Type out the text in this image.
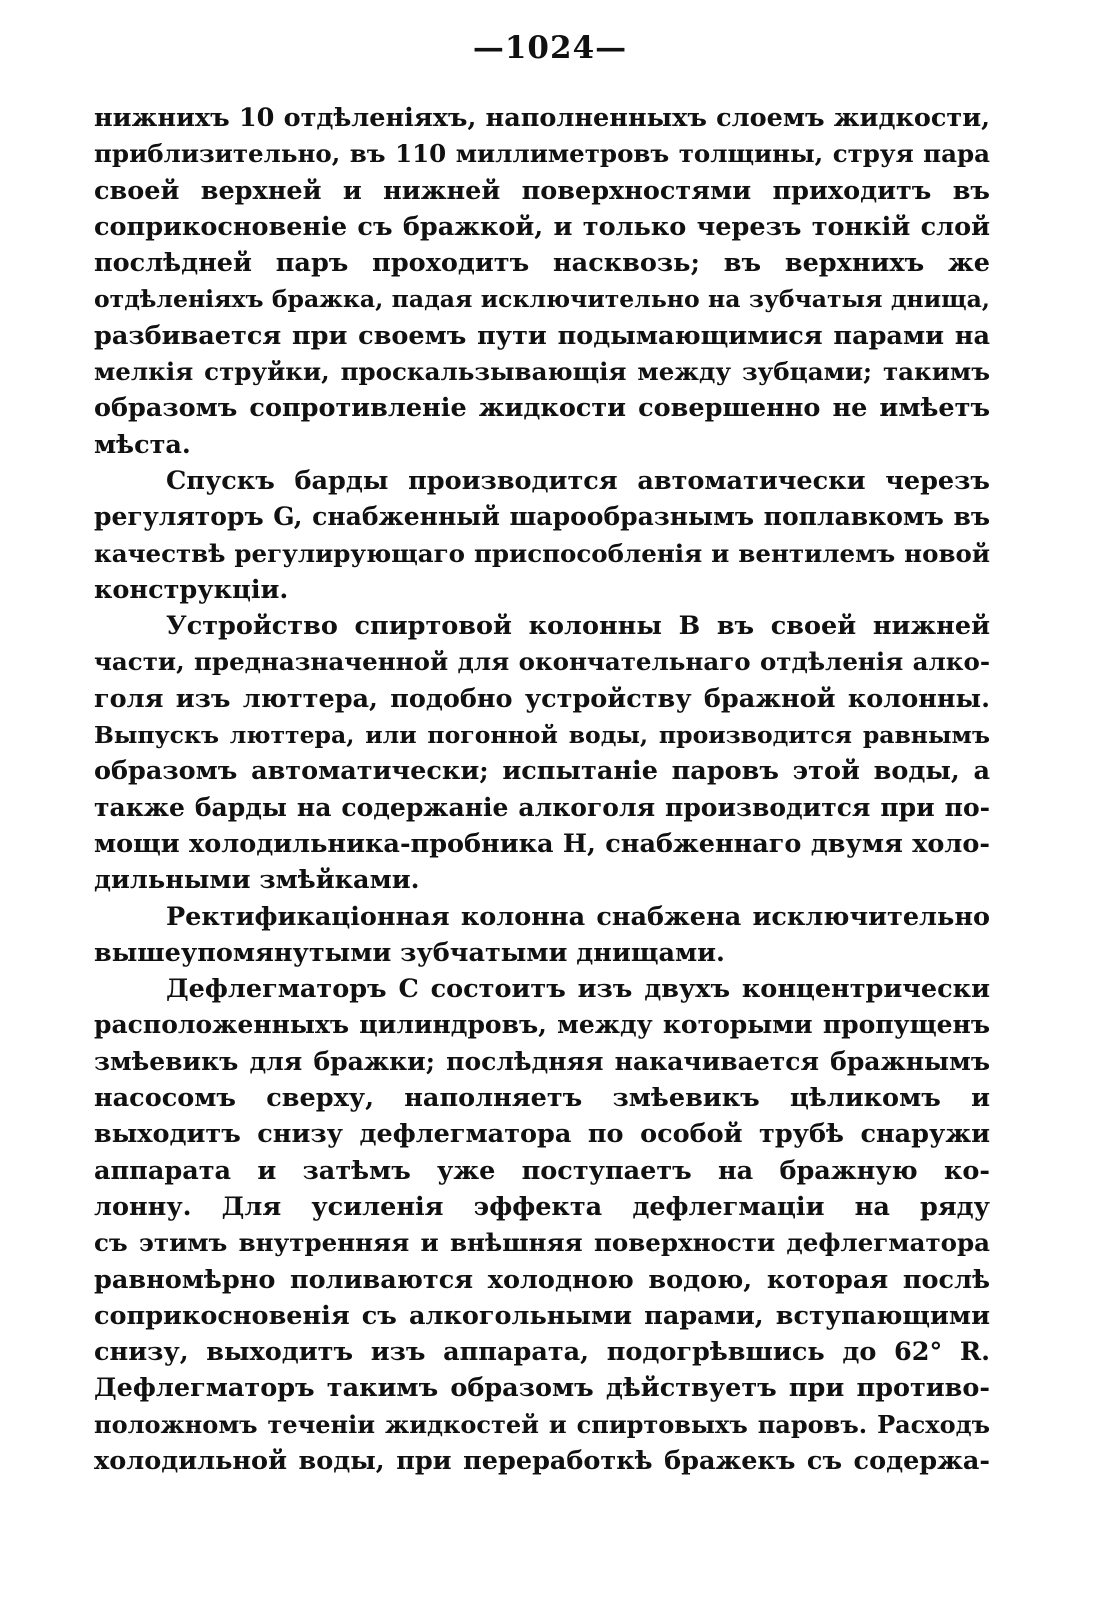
—1024—
нижнихъ 10 отдѣленіяхъ, наполненныхъ слоемъ жидкости,
приблизительно, въ 110 миллиметровъ толщины, струя пара
своей верхней и нижней поверхностями приходитъ въ
соприкосновеніе съ бражкой, и только черезъ тонкій слой
послѣдней паръ проходитъ насквозь; въ верхнихъ же
отдѣленіяхъ бражка, падая исключительно на зубчатыя днища,
разбивается при своемъ пути подымающимися парами на
мелкія струйки, проскальзывающія между зубцами; такимъ
образомъ сопротивленіе жидкости совершенно не имѣетъ
мѣста.
Спускъ барды производится автоматически черезъ
регуляторъ G, снабженный шарообразнымъ поплавкомъ въ
качествѣ регулирующаго приспособленія и вентилемъ новой
конструкціи.
Устройство спиртовой колонны B въ своей нижней
части, предназначенной для окончательнаго отдѣленія алко-
голя изъ люттера, подобно устройству бражной колонны.
Выпускъ люттера, или погонной воды, производится равнымъ
образомъ автоматически; испытаніе паровъ этой воды, а
также барды на содержаніе алкоголя производится при по-
мощи холодильника-пробника H, снабженнаго двумя холо-
дильными змѣйками.
Ректификаціонная колонна снабжена исключительно
вышеупомянутыми зубчатыми днищами.
Дефлегматоръ C состоитъ изъ двухъ концентрически
расположенныхъ цилиндровъ, между которыми пропущенъ
змѣевикъ для бражки; послѣдняя накачивается бражнымъ
насосомъ сверху, наполняетъ змѣевикъ цѣликомъ и
выходитъ снизу дефлегматора по особой трубѣ снаружи
аппарата и затѣмъ уже поступаетъ на бражную ко-
лонну. Для усиленія эффекта дефлегмаціи на ряду
съ этимъ внутренняя и внѣшняя поверхности дефлегматора
равномѣрно поливаются холодною водою, которая послѣ
соприкосновенія съ алкогольными парами, вступающими
снизу, выходитъ изъ аппарата, подогрѣвшись до 62° R.
Дефлегматоръ такимъ образомъ дѣйствуетъ при противо-
положномъ теченіи жидкостей и спиртовыхъ паровъ. Расходъ
холодильной воды, при переработкѣ бражекъ съ содержа-
